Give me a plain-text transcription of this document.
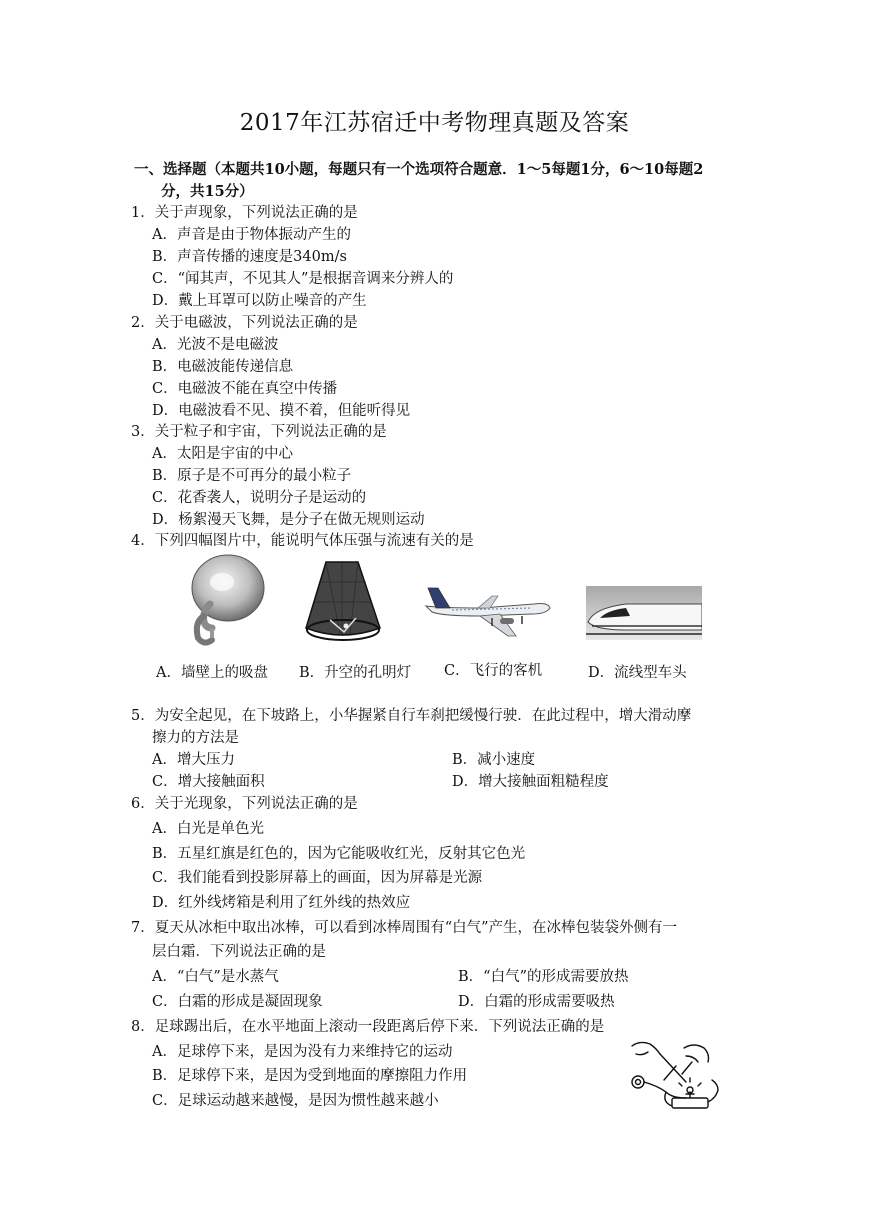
2017年江苏宿迁中考物理真题及答案
一、选择题（本题共10小题，每题只有一个选项符合题意．1～5每题1分，6～10每题2
分，共15分）
1．关于声现象，下列说法正确的是
A．声音是由于物体振动产生的
B．声音传播的速度是340m/s
C．“闻其声，不见其人”是根据音调来分辨人的
D．戴上耳罩可以防止噪音的产生
2．关于电磁波，下列说法正确的是
A．光波不是电磁波
B．电磁波能传递信息
C．电磁波不能在真空中传播
D．电磁波看不见、摸不着，但能听得见
3．关于粒子和宇宙，下列说法正确的是
A．太阳是宇宙的中心
B．原子是不可再分的最小粒子
C．花香袭人，说明分子是运动的
D．杨絮漫天飞舞，是分子在做无规则运动
4．下列四幅图片中，能说明气体压强与流速有关的是
A．墙壁上的吸盘 B．升空的孔明灯 C．飞行的客机	D．流线型车头
5．为安全起见，在下坡路上，小华握紧自行车刹把缓慢行驶．在此过程中，增大滑动摩
擦力的方法是
A．增大压力	B．减小速度
C．增大接触面积	D．增大接触面粗糙程度
6．关于光现象，下列说法正确的是
A．白光是单色光
B．五星红旗是红色的，因为它能吸收红光，反射其它色光
C．我们能看到投影屏幕上的画面，因为屏幕是光源
D．红外线烤箱是利用了红外线的热效应
7．夏天从冰柜中取出冰棒，可以看到冰棒周围有“白气”产生，在冰棒包装袋外侧有一
层白霜．下列说法正确的是
A．“白气”是水蒸气	B．“白气”的形成需要放热
C．白霜的形成是凝固现象	D．白霜的形成需要吸热
8．足球踢出后，在水平地面上滚动一段距离后停下来．下列说法正确的是
A．足球停下来，是因为没有力来维持它的运动
B．足球停下来，是因为受到地面的摩擦阻力作用
C．足球运动越来越慢，是因为惯性越来越小
